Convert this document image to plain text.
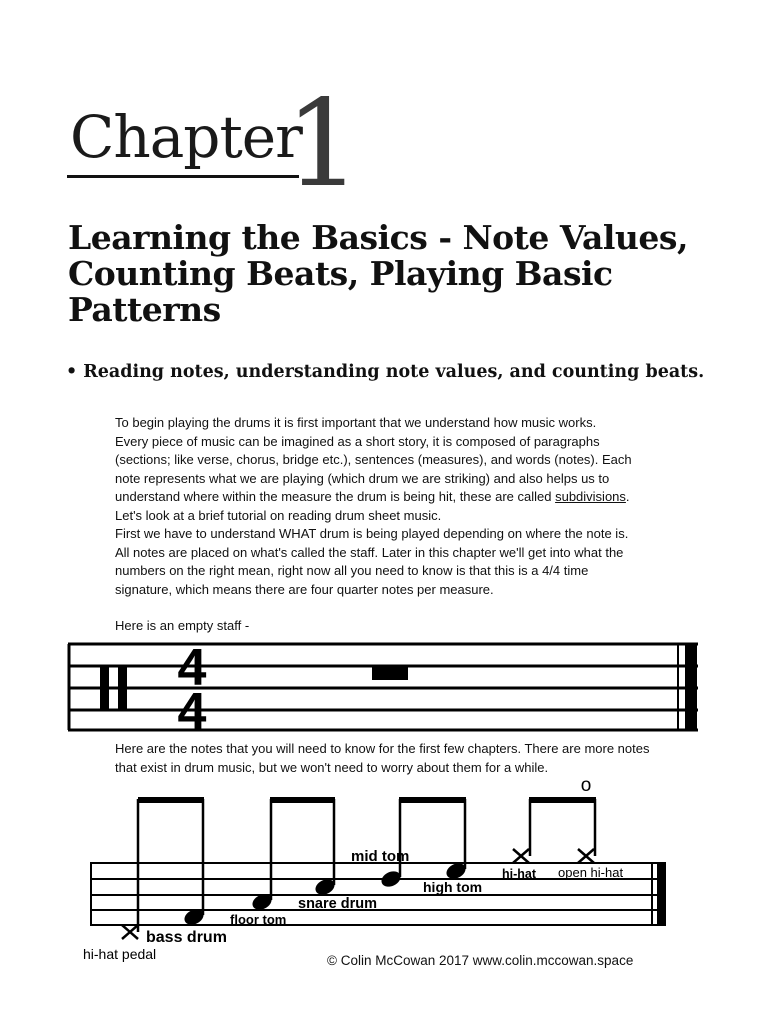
Chapter
1
Learning the Basics - Note Values,
Counting Beats, Playing Basic
Patterns
• Reading notes, understanding note values, and counting beats.
To begin playing the drums it is first important that we understand how music works.
Every piece of music can be imagined as a short story, it is composed of paragraphs
(sections; like verse, chorus, bridge etc.), sentences (measures), and words (notes). Each
note represents what we are playing (which drum we are striking) and also helps us to
understand where within the measure the drum is being hit, these are called subdivisions.
Let's look at a brief tutorial on reading drum sheet music.
First we have to understand WHAT drum is being played depending on where the note is.
All notes are placed on what's called the staff. Later in this chapter we'll get into what the
numbers on the right mean, right now all you need to know is that this is a 4/4 time
signature, which means there are four quarter notes per measure.
Here is an empty staff -
4
4
Here are the notes that you will need to know for the first few chapters. There are more notes
that exist in drum music, but we won't need to worry about them for a while.
o
hi-hat pedal
bass drum
floor tom
snare drum
mid tom
high tom
hi-hat open hi-hat
© Colin McCowan 2017 www.colin.mccowan.space
